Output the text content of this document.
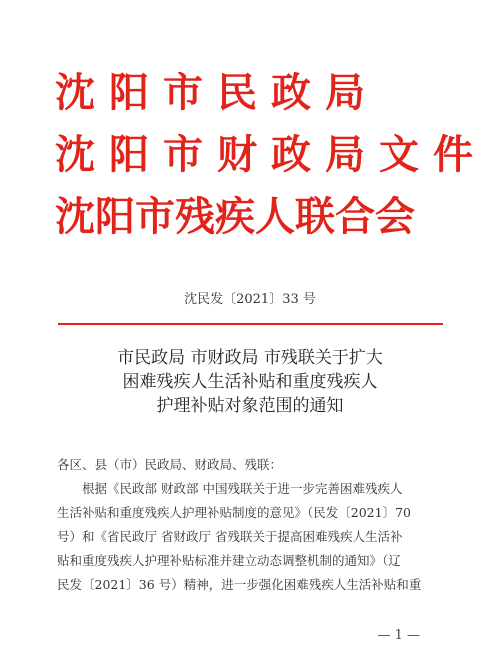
沈阳市民政局
沈阳市财政局文件
沈阳市残疾人联合会
沈民发〔2021〕33 号
市民政局 市财政局 市残联关于扩大
困难残疾人生活补贴和重度残疾人
护理补贴对象范围的通知
各区、县（市）民政局、财政局、残联：
根据《民政部 财政部 中国残联关于进一步完善困难残疾人
生活补贴和重度残疾人护理补贴制度的意见》（民发〔2021〕70
号）和《省民政厅 省财政厅 省残联关于提高困难残疾人生活补
贴和重度残疾人护理补贴标准并建立动态调整机制的通知》（辽
民发〔2021〕36 号）精神，进一步强化困难残疾人生活补贴和重
— 1 —
